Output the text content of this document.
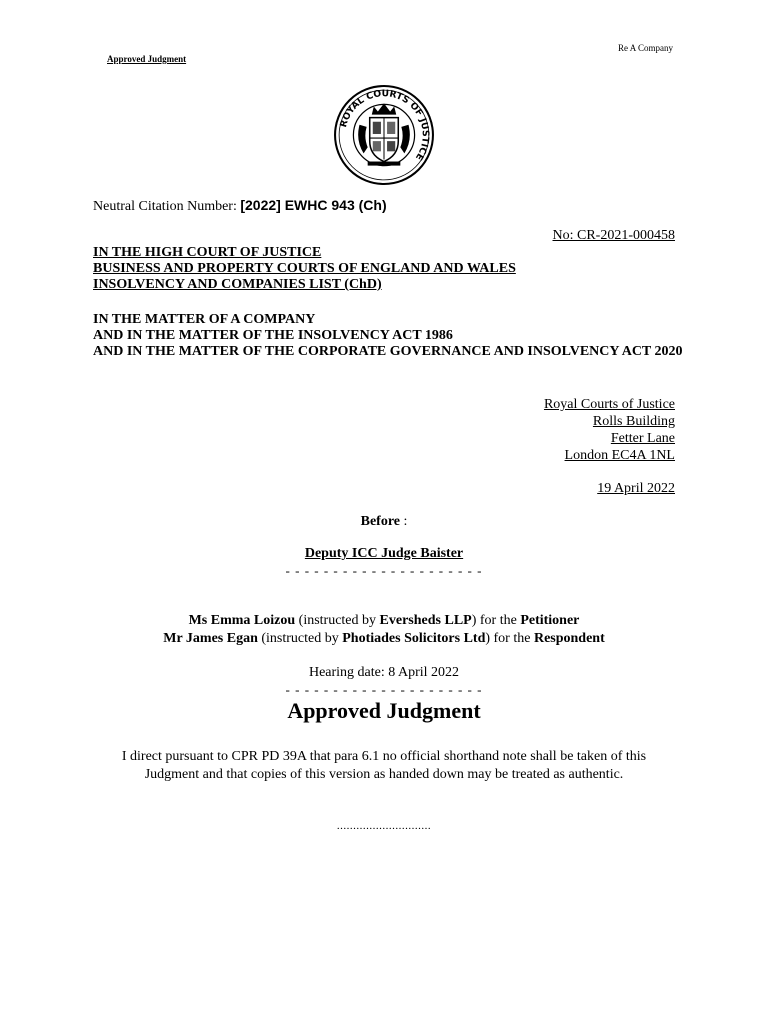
Re A Company
Approved Judgment
ROYAL COURTS OF JUSTICE
Neutral Citation Number: [2022] EWHC 943 (Ch)
No: CR-2021-000458
IN THE HIGH COURT OF JUSTICE
BUSINESS AND PROPERTY COURTS OF ENGLAND AND WALES
INSOLVENCY AND COMPANIES LIST (ChD)
IN THE MATTER OF A COMPANY
AND IN THE MATTER OF THE INSOLVENCY ACT 1986
AND IN THE MATTER OF THE CORPORATE GOVERNANCE AND INSOLVENCY ACT 2020
Royal Courts of Justice
Rolls Building
Fetter Lane
London EC4A 1NL
19 April 2022
Before :
Deputy ICC Judge Baister
- - - - - - - - - - - - - - - - - - - - -
Ms Emma Loizou (instructed by Eversheds LLP) for the Petitioner
Mr James Egan (instructed by Photiades Solicitors Ltd) for the Respondent
Hearing date: 8 April 2022
- - - - - - - - - - - - - - - - - - - - -
Approved Judgment
I direct pursuant to CPR PD 39A that para 6.1 no official shorthand note shall be taken of this Judgment and that copies of this version as handed down may be treated as authentic.
.............................
